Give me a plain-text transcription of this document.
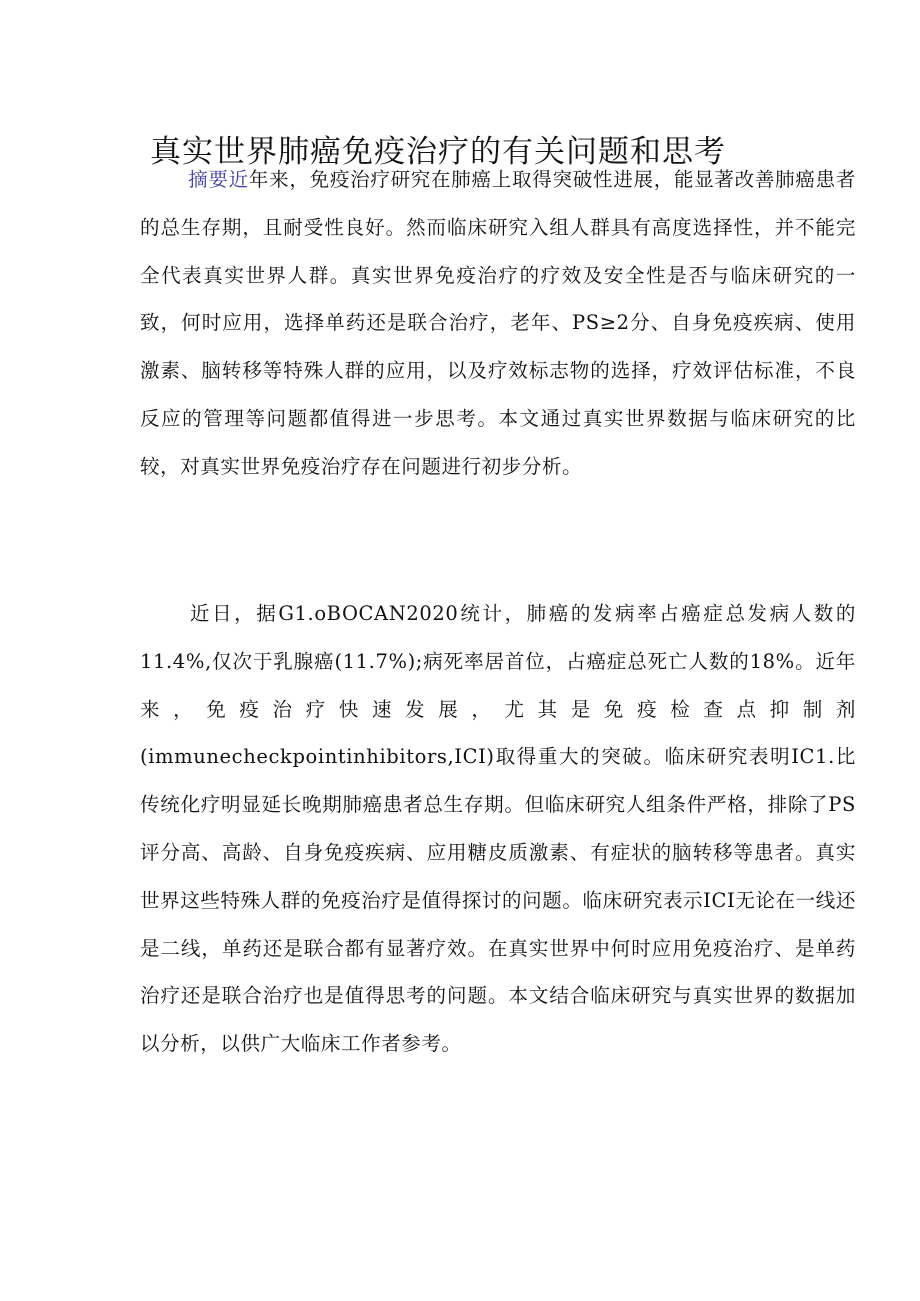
真实世界肺癌免疫治疗的有关问题和思考

摘要近年来，免疫治疗研究在肺癌上取得突破性进展，能显著改善肺癌患者的总生存期，且耐受性良好。然而临床研究入组人群具有高度选择性，并不能完全代表真实世界人群。真实世界免疫治疗的疗效及安全性是否与临床研究的一致，何时应用，选择单药还是联合治疗，老年、PS≥2分、自身免疫疾病、使用激素、脑转移等特殊人群的应用，以及疗效标志物的选择，疗效评估标准，不良反应的管理等问题都值得进一步思考。本文通过真实世界数据与临床研究的比较，对真实世界免疫治疗存在问题进行初步分析。

近日，据G1.oBOCAN2020统计，肺癌的发病率占癌症总发病人数的11.4%,仅次于乳腺癌(11.7%);病死率居首位，占癌症总死亡人数的18%。近年来，免疫治疗快速发展，尤其是免疫检查点抑制剂(immunecheckpointinhibitors,ICI)取得重大的突破。临床研究表明IC1.比传统化疗明显延长晚期肺癌患者总生存期。但临床研究人组条件严格，排除了PS评分高、高龄、自身免疫疾病、应用糖皮质激素、有症状的脑转移等患者。真实世界这些特殊人群的免疫治疗是值得探讨的问题。临床研究表示ICI无论在一线还是二线，单药还是联合都有显著疗效。在真实世界中何时应用免疫治疗、是单药治疗还是联合治疗也是值得思考的问题。本文结合临床研究与真实世界的数据加以分析，以供广大临床工作者参考。
